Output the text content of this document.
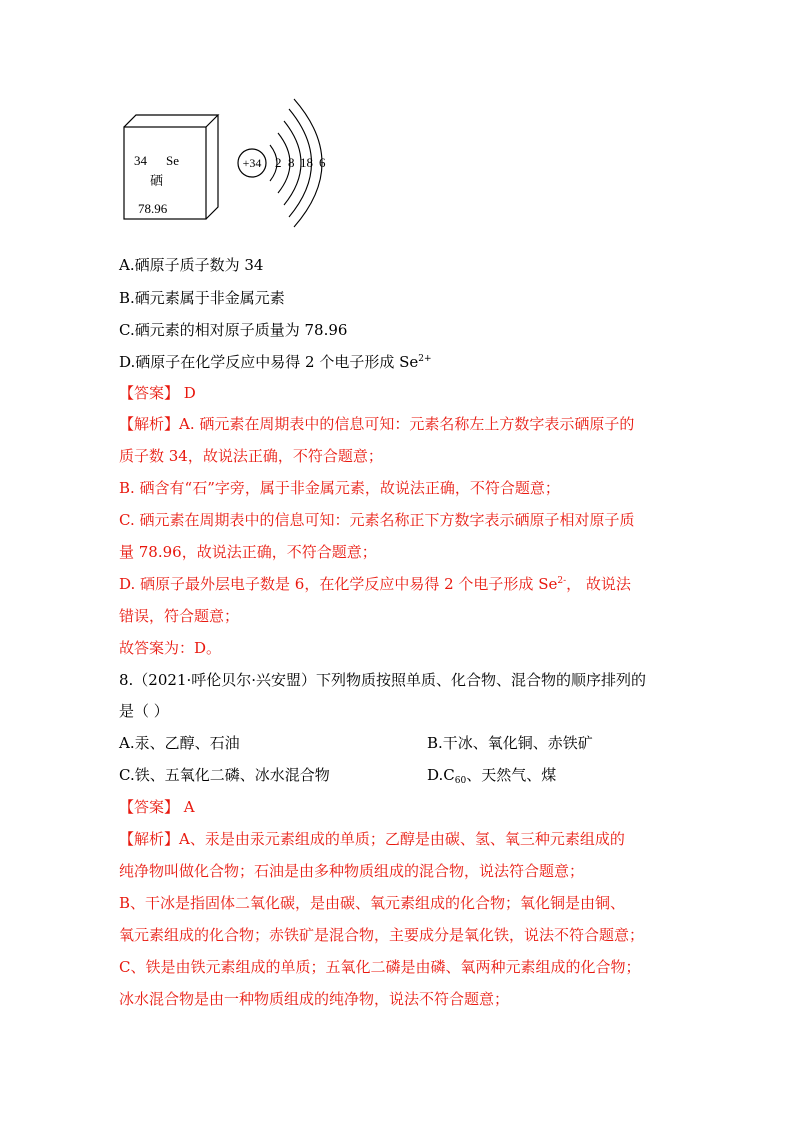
34 Se
硒
78.96
+34 2 8 18 6
A.硒原子质子数为 34
B.硒元素属于非金属元素
C.硒元素的相对原子质量为 78.96
D.硒原子在化学反应中易得 2 个电子形成 $Se^{2+}$
【答案】 D
【解析】A. 硒元素在周期表中的信息可知：元素名称左上方数字表示硒原子的
质子数 34，故说法正确，不符合题意；
B. 硒含有“石”字旁，属于非金属元素，故说法正确，不符合题意；
C. 硒元素在周期表中的信息可知：元素名称正下方数字表示硒原子相对原子质
量 78.96，故说法正确，不符合题意；
D. 硒原子最外层电子数是 6，在化学反应中易得 2 个电子形成 $Se^{2-}$， 故说法
错误，符合题意；
故答案为：D。
8.（2021·呼伦贝尔·兴安盟）下列物质按照单质、化合物、混合物的顺序排列的
是（ ）
A.汞、乙醇、石油	B.干冰、氧化铜、赤铁矿
C.铁、五氧化二磷、冰水混合物	$D.C_{60}$、天然气、煤
【答案】 A
【解析】A、汞是由汞元素组成的单质；乙醇是由碳、氢、氧三种元素组成的
纯净物叫做化合物；石油是由多种物质组成的混合物，说法符合题意；
B、干冰是指固体二氧化碳，是由碳、氧元素组成的化合物；氧化铜是由铜、
氧元素组成的化合物；赤铁矿是混合物，主要成分是氧化铁，说法不符合题意；
C、铁是由铁元素组成的单质；五氧化二磷是由磷、氧两种元素组成的化合物；
冰水混合物是由一种物质组成的纯净物，说法不符合题意；
